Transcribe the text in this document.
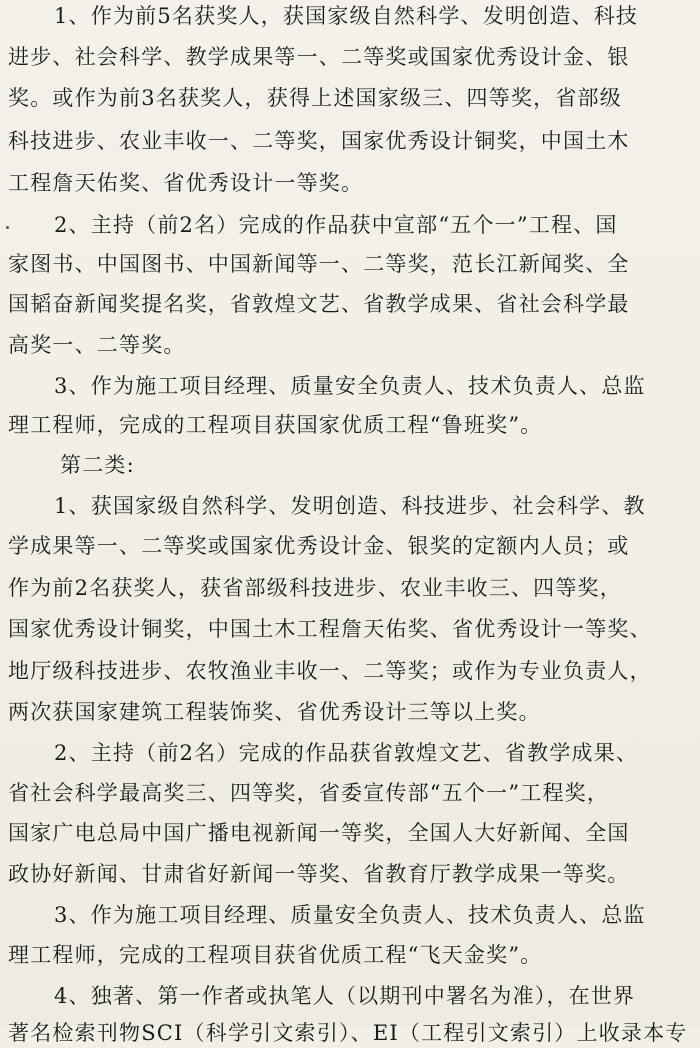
1、作为前5名获奖人，获国家级自然科学、发明创造、科技
进步、社会科学、教学成果等一、二等奖或国家优秀设计金、银
奖。或作为前3名获奖人，获得上述国家级三、四等奖，省部级
科技进步、农业丰收一、二等奖，国家优秀设计铜奖，中国土木
工程詹天佑奖、省优秀设计一等奖。
2、主持（前2名）完成的作品获中宣部“五个一”工程、国
家图书、中国图书、中国新闻等一、二等奖，范长江新闻奖、全
国韬奋新闻奖提名奖，省敦煌文艺、省教学成果、省社会科学最
高奖一、二等奖。
3、作为施工项目经理、质量安全负责人、技术负责人、总监
理工程师，完成的工程项目获国家优质工程“鲁班奖”。
第二类:
1、获国家级自然科学、发明创造、科技进步、社会科学、教
学成果等一、二等奖或国家优秀设计金、银奖的定额内人员；或
作为前2名获奖人，获省部级科技进步、农业丰收三、四等奖，
国家优秀设计铜奖，中国土木工程詹天佑奖、省优秀设计一等奖、
地厅级科技进步、农牧渔业丰收一、二等奖；或作为专业负责人，
两次获国家建筑工程装饰奖、省优秀设计三等以上奖。
2、主持（前2名）完成的作品获省敦煌文艺、省教学成果、
省社会科学最高奖三、四等奖，省委宣传部“五个一”工程奖，
国家广电总局中国广播电视新闻一等奖，全国人大好新闻、全国
政协好新闻、甘肃省好新闻一等奖、省教育厅教学成果一等奖。
3、作为施工项目经理、质量安全负责人、技术负责人、总监
理工程师，完成的工程项目获省优质工程“飞天金奖”。
4、独著、第一作者或执笔人（以期刊中署名为准），在世界
著名检索刊物SCI（科学引文索引）、EI（工程引文索引）上收录本专
